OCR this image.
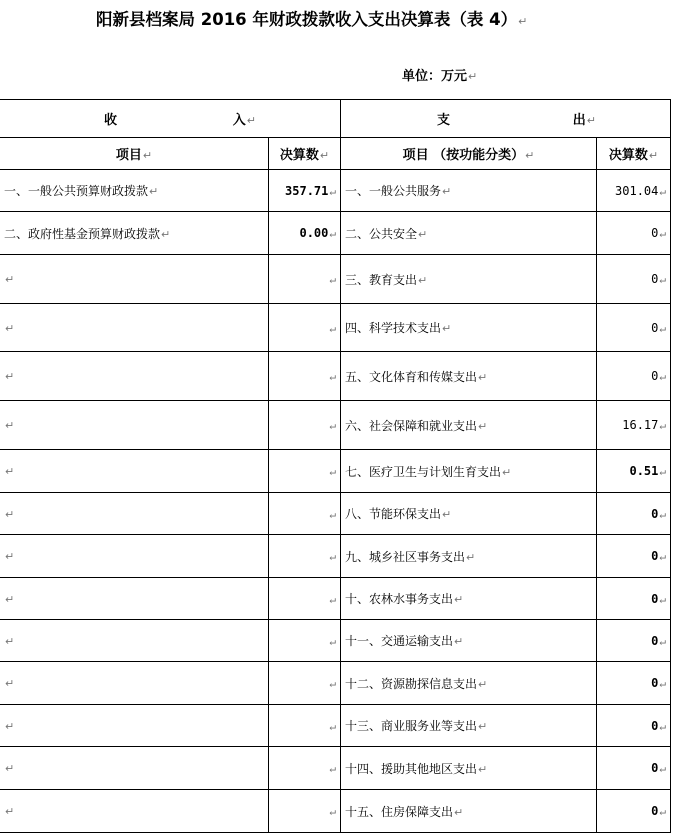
阳新县档案局 2016 年财政拨款收入支出决算表（表 4）↵
单位：万元↵
收 入↵		支 出↵	

项目↵	决算数↵	项目 （按功能分类）↵	决算数↵
一、一般公共预算财政拨款↵	357.71↵	一、一般公共服务↵	301.04↵
二、政府性基金预算财政拨款↵	0.00↵	二、公共安全↵	0↵
↵	↵	三、教育支出↵	0↵
↵	↵	四、科学技术支出↵	0↵
↵	↵	五、文化体育和传媒支出↵	0↵
↵	↵	六、社会保障和就业支出↵	16.17↵
↵	↵	七、医疗卫生与计划生育支出↵	0.51↵
↵	↵	八、节能环保支出↵	0↵
↵	↵	九、城乡社区事务支出↵	0↵
↵	↵	十、农林水事务支出↵	0↵
↵	↵	十一、交通运输支出↵	0↵
↵	↵	十二、资源勘探信息支出↵	0↵
↵	↵	十三、商业服务业等支出↵	0↵
↵	↵	十四、援助其他地区支出↵	0↵
↵	↵	十五、住房保障支出↵	0↵
